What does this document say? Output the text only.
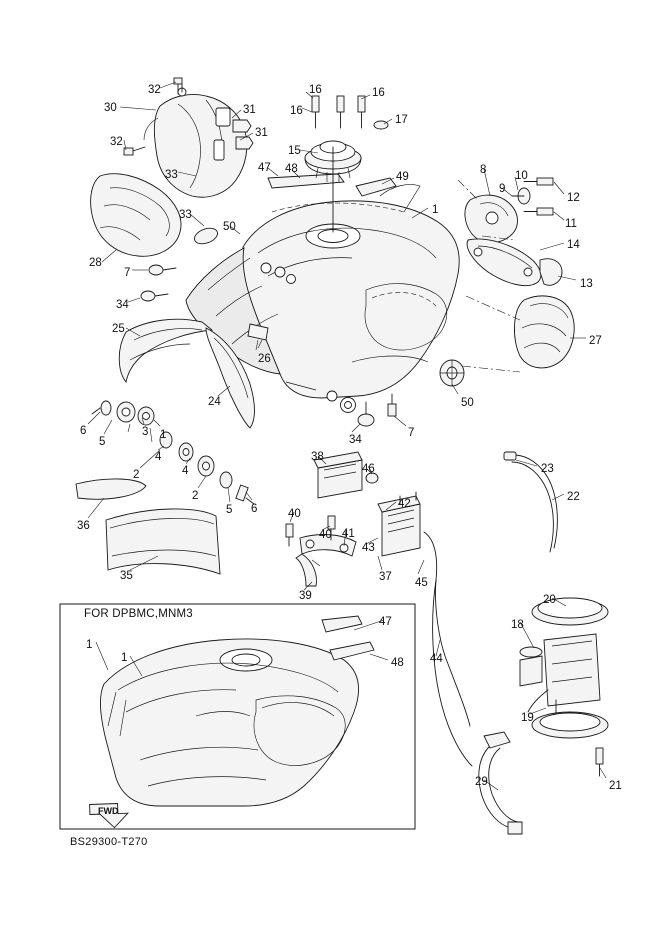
32
30	31
16	16
16
17
31
32
15
33
47 48
49
8 10
9
12
1
33
50	11
14
13
28
7
34
25
27
26
24	50
6
5
3 1	34
7
4
2	4
2
5 6
38
46	23
22
42
36
40
40 41
43
35	37 45
39	20
18
47
48
1
1	44
19
21
29
FOR DPBMC,MNM3
FWD
BS29300-T270
